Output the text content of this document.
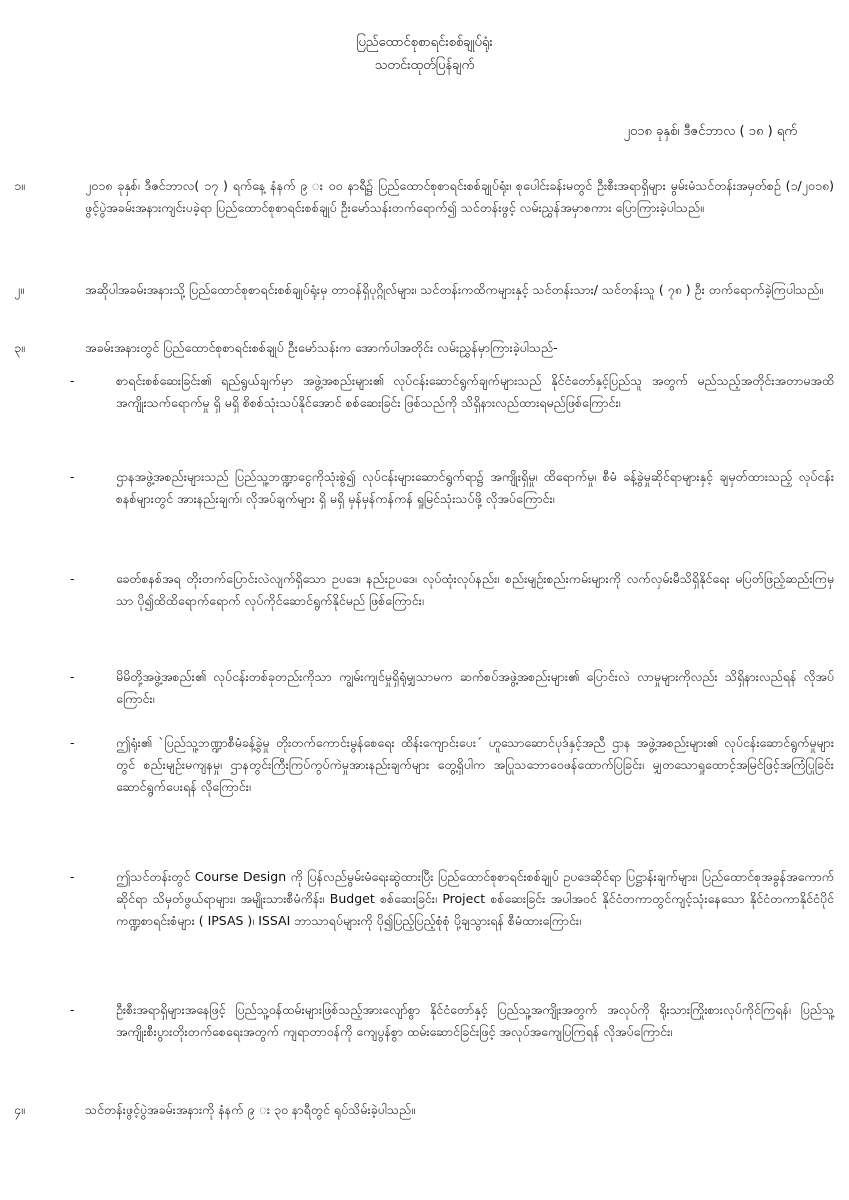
ပြည်ထောင်စုစာရင်းစစ်ချုပ်ရုံး
သတင်းထုတ်ပြန်ချက်
၂၀၁၈ ခုနှစ်၊ ဒီဇင်ဘာလ ( ၁၈ ) ရက်
၁။	၂၀၁၈ ခုနှစ်၊ ဒီဇင်ဘာလ( ၁၇ ) ရက်နေ့ နံနက် ၉ း ၀၀ နာရီ၌ ပြည်ထောင်စုစာရင်းစစ်ချုပ်ရုံး၊ စုပေါင်းခန်းမတွင် ဦးစီးအရာရှိများ မွမ်းမံသင်တန်းအမှတ်စဉ် (၁/၂၀၁၈) ဖွင့်ပွဲအခမ်းအနားကျင်းပခဲ့ရာ ပြည်ထောင်စုစာရင်းစစ်ချုပ် ဦးမော်သန်းတက်ရောက်၍ သင်တန်းဖွင့် လမ်းညွှန်အမှာစကား ပြောကြားခဲ့ပါသည်။
၂။	အဆိုပါအခမ်းအနားသို့ ပြည်ထောင်စုစာရင်းစစ်ချုပ်ရုံးမှ တာဝန်ရှိပုဂ္ဂိုလ်များ၊ သင်တန်းကထိကများနှင့် သင်တန်းသား/ သင်တန်းသူ ( ၇၈ ) ဦး တက်ရောက်ခဲ့ကြပါသည်။
၃။	အခမ်းအနားတွင် ပြည်ထောင်စုစာရင်းစစ်ချုပ် ဦးမော်သန်းက အောက်ပါအတိုင်း လမ်းညွှန်မှာကြားခဲ့ပါသည်-
-	စာရင်းစစ်ဆေးခြင်း၏ ရည်ရွယ်ချက်မှာ အဖွဲ့အစည်းများ၏ လုပ်ငန်းဆောင်ရွက်ချက်များသည် နိုင်ငံတော်နှင့်ပြည်သူ အတွက် မည်သည့်အတိုင်းအတာမအထိ အကျိုးသက်ရောက်မှု ရှိ မရှိ စိစစ်သုံးသပ်နိုင်အောင် စစ်ဆေးခြင်း ဖြစ်သည်ကို သိရှိနားလည်ထားရမည်ဖြစ်ကြောင်း၊
-	ဌာနအဖွဲ့အစည်းများသည် ပြည်သူ့ဘဏ္ဍာငွေကိုသုံးစွဲ၍ လုပ်ငန်းများဆောင်ရွက်ရာ၌ အကျိုးရှိမှု၊ ထိရောက်မှု၊ စီမံ ခန့်ခွဲမှုဆိုင်ရာများနှင့် ချမှတ်ထားသည့် လုပ်ငန်းစနစ်များတွင် အားနည်းချက်၊ လိုအပ်ချက်များ ရှိ မရှိ မှန်မှန်ကန်ကန် ရှုမြင်သုံးသပ်ဖို့ လိုအပ်ကြောင်း၊
-	ခေတ်စနစ်အရ တိုးတက်ပြောင်းလဲလျက်ရှိသော ဥပဒေ၊ နည်းဥပဒေ၊ လုပ်ထုံးလုပ်နည်း၊ စည်းမျဉ်းစည်းကမ်းများကို လက်လှမ်းမီသိရှိနိုင်ရေး မပြတ်ဖြည့်ဆည်းကြမှသာ ပို၍ထိထိရောက်ရောက် လုပ်ကိုင်ဆောင်ရွက်နိုင်မည် ဖြစ်ကြောင်း၊
-	မိမိတို့အဖွဲ့အစည်း၏ လုပ်ငန်းတစ်ခုတည်းကိုသာ ကျွမ်းကျင်မှုရှိရုံမျှသာမက ဆက်စပ်အဖွဲ့အစည်းများ၏ ပြောင်းလဲ လာမှုများကိုလည်း သိရှိနားလည်ရန် လိုအပ်ကြောင်း၊
-	ဤရုံး၏ `ပြည်သူ့ဘဏ္ဍာစီမံခန့်ခွဲမှု တိုးတက်ကောင်းမွန်စေရေး ထိန်းကျောင်းပေး´ ဟူသောဆောင်ပုဒ်နှင့်အညီ ဌာန အဖွဲ့အစည်းများ၏ လုပ်ငန်းဆောင်ရွက်မှုများတွင် စည်းမျဉ်းမကျနမှု၊ ဌာနတွင်းကြီးကြပ်ကွပ်ကဲမှုအားနည်းချက်များ တွေ့ရှိပါက အပြုသဘောဝေဖန်ထောက်ပြခြင်း၊ မျှတသောရှုထောင့်အမြင်ဖြင့်အကြံပြုခြင်း ဆောင်ရွက်ပေးရန် လိုကြောင်း၊
-	ဤသင်တန်းတွင် Course Design ကို ပြန်လည်မွမ်းမံရေးဆွဲထားပြီး ပြည်ထောင်စုစာရင်းစစ်ချုပ် ဥပဒေဆိုင်ရာ ပြဋ္ဌာန်းချက်များ၊ ပြည်ထောင်စုအခွန်အကောက်ဆိုင်ရာ သိမှတ်ဖွယ်ရာများ၊ အမျိုးသားစီမံကိန်း၊ Budget စစ်ဆေးခြင်း၊ Project စစ်ဆေးခြင်း အပါအဝင် နိုင်ငံတကာတွင်ကျင့်သုံးနေသော နိုင်ငံတကာနိုင်ငံပိုင်ကဏ္ဍစာရင်းစံများ ( IPSAS )၊ ISSAI ဘာသာရပ်များကို ပို၍ပြည့်ပြည့်စုံစုံ ပို့ချသွားရန် စီမံထားကြောင်း၊
-	ဦးစီးအရာရှိများအနေဖြင့် ပြည်သူ့ဝန်ထမ်းများဖြစ်သည့်အားလျော်စွာ နိုင်ငံတော်နှင့် ပြည်သူ့အကျိုးအတွက် အလုပ်ကို ရိုးသားကြိုးစားလုပ်ကိုင်ကြရန်၊ ပြည်သူ့အကျိုးစီးပွားတိုးတက်စေရေးအတွက် ကျရာတာဝန်ကို ကျေပွန်စွာ ထမ်းဆောင်ခြင်းဖြင့် အလုပ်အကျေပြကြရန် လိုအပ်ကြောင်း၊
၄။	သင်တန်းဖွင့်ပွဲအခမ်းအနားကို နံနက် ၉ း ၃၀ နာရီတွင် ရုပ်သိမ်းခဲ့ပါသည်။
